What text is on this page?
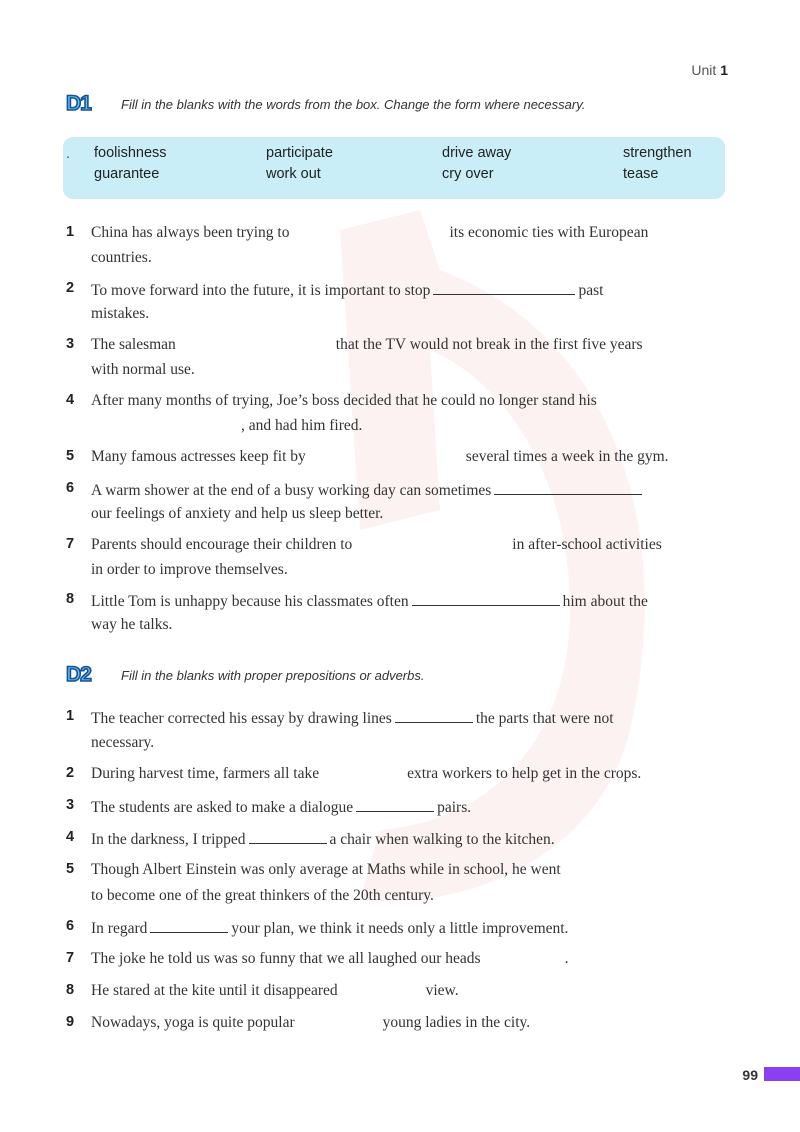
Unit 1
D1	Fill in the blanks with the words from the box. Change the form where necessary.
. foolishness	participate	drive away	strengthen
guarantee	work out	cry over	tease
1 China has always been trying to	its economic ties with European
countries.
2 To move forward into the future, it is important to stop	past
mistakes.
3 The salesman	that the TV would not break in the first five years
with normal use.
4 After many months of trying, Joe’s boss decided that he could no longer stand his
, and had him fired.
5 Many famous actresses keep fit by	several times a week in the gym.
6 A warm shower at the end of a busy working day can sometimes
our feelings of anxiety and help us sleep better.
7 Parents should encourage their children to	in after-school activities
in order to improve themselves.
8 Little Tom is unhappy because his classmates often	him about the
way he talks.
D2	Fill in the blanks with proper prepositions or adverbs.
1 The teacher corrected his essay by drawing lines	the parts that were not
necessary.
2 During harvest time, farmers all take	extra workers to help get in the crops.
3 The students are asked to make a dialogue	pairs.
4 In the darkness, I tripped	a chair when walking to the kitchen.
5 Though Albert Einstein was only average at Maths while in school, he went
to become one of the great thinkers of the 20th century.
6 In regard	your plan, we think it needs only a little improvement.
7 The joke he told us was so funny that we all laughed our heads	.
8 He stared at the kite until it disappeared	view.
9 Nowadays, yoga is quite popular	young ladies in the city.
99
